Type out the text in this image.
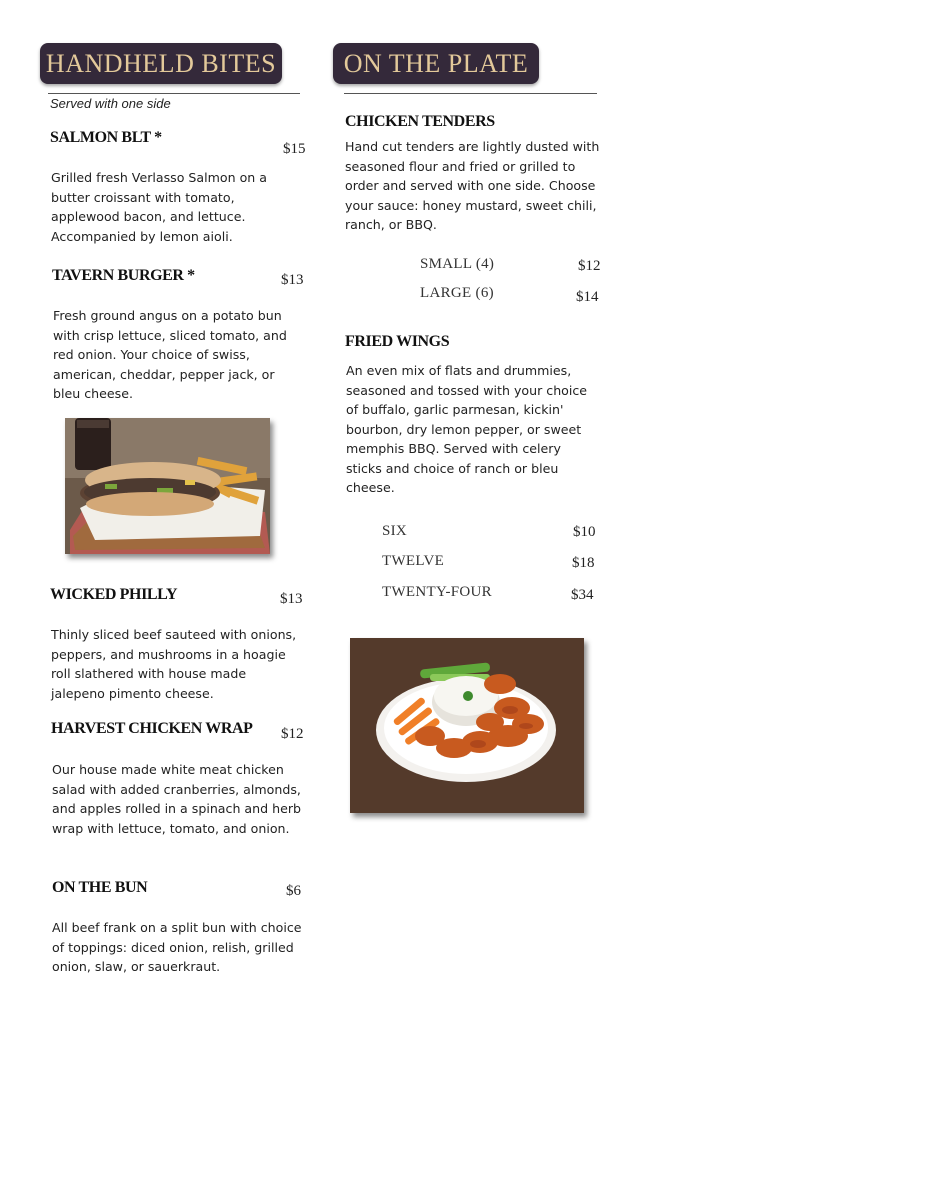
HANDHELD BITES
Served with one side
SALMON BLT *
$15

Grilled fresh Verlasso Salmon on a butter croissant with tomato, applewood bacon, and lettuce. Accompanied by lemon aioli.

TAVERN BURGER *	$13

Fresh ground angus on a potato bun with crisp lettuce, sliced tomato, and red onion. Your choice of swiss, american, cheddar, pepper jack, or bleu cheese.

WICKED PHILLY	$13

Thinly sliced beef sauteed with onions, peppers, and mushrooms in a hoagie roll slathered with house made jalepeno pimento cheese.

HARVEST CHICKEN WRAP $12

Our house made white meat chicken salad with added cranberries, almonds, and apples rolled in a spinach and herb wrap with lettuce, tomato, and onion.

ON THE BUN	$6

All beef frank on a split bun with choice of toppings: diced onion, relish, grilled onion, slaw, or sauerkraut.

ON THE PLATE
CHICKEN TENDERS

Hand cut tenders are lightly dusted with seasoned flour and fried or grilled to order and served with one side. Choose your sauce: honey mustard, sweet chili, ranch, or BBQ.

SMALL (4)	$12
LARGE (6)	$14
FRIED WINGS

An even mix of flats and drummies, seasoned and tossed with your choice of buffalo, garlic parmesan, kickin' bourbon, dry lemon pepper, or sweet memphis BBQ. Served with celery sticks and choice of ranch or bleu cheese.

SIX	$10
TWELVE	$18
TWENTY-FOUR	$34
